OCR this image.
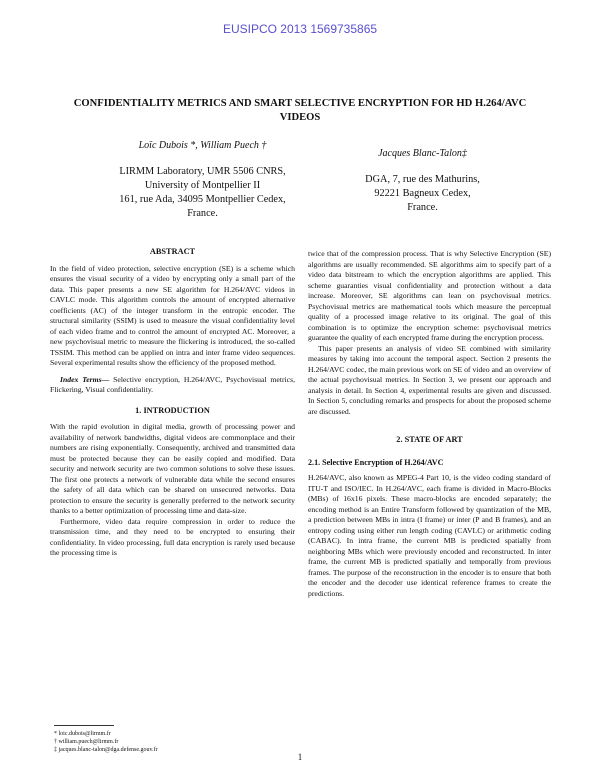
EUSIPCO 2013 1569735865
CONFIDENTIALITY METRICS AND SMART SELECTIVE ENCRYPTION FOR HD H.264/AVC VIDEOS
Loïc Dubois *, William Puech †
LIRMM Laboratory, UMR 5506 CNRS,
University of Montpellier II
161, rue Ada, 34095 Montpellier Cedex,
France.
Jacques Blanc-Talon‡
DGA, 7, rue des Mathurins,
92221 Bagneux Cedex,
France.
ABSTRACT

In the field of video protection, selective encryption (SE) is a scheme which ensures the visual security of a video by encrypting only a small part of the data. This paper presents a new SE algorithm for H.264/AVC videos in CAVLC mode. This algorithm controls the amount of encrypted alternative coefficients (AC) of the integer transform in the entropic encoder. The structural similarity (SSIM) is used to measure the visual confidentiality level of each video frame and to control the amount of encrypted AC. Moreover, a new psychovisual metric to measure the flickering is introduced, the so-called TSSIM. This method can be applied on intra and inter frame video sequences. Several experimental results show the efficiency of the proposed method.

Index Terms— Selective encryption, H.264/AVC, Psychovisual metrics, Flickering, Visual confidentiality.

1. INTRODUCTION

With the rapid evolution in digital media, growth of processing power and availability of network bandwidths, digital videos are commonplace and their numbers are rising exponentially. Consequently, archived and transmitted data must be protected because they can be easily copied and modified. Data security and network security are two common solutions to solve these issues. The first one protects a network of vulnerable data while the second ensures the safety of all data which can be shared on unsecured networks. Data protection to ensure the security is generally preferred to the network security thanks to a better optimization of processing time and data-size.

Furthermore, video data require compression in order to reduce the transmission time, and they need to be encrypted to ensuring their confidentiality. In video processing, full data encryption is rarely used because the processing time is

twice that of the compression process. That is why Selective Encryption (SE) algorithms are usually recommended. SE algorithms aim to specify part of a video data bitstream to which the encryption algorithms are applied. This scheme guaranties visual confidentiality and protection without a data increase. Moreover, SE algorithms can lean on psychovisual metrics. Psychovisual metrics are mathematical tools which measure the perceptual quality of a processed image relative to its original. The goal of this combination is to optimize the encryption scheme: psychovisual metrics guarantee the quality of each encrypted frame during the encryption process.

This paper presents an analysis of video SE combined with similarity measures by taking into account the temporal aspect. Section 2 presents the H.264/AVC codec, the main previous work on SE of video and an overview of the actual psychovisual metrics. In Section 3, we present our approach and analysis in detail. In Section 4, experimental results are given and discussed. In Section 5, concluding remarks and prospects for about the proposed scheme are discussed.

2. STATE OF ART
2.1. Selective Encryption of H.264/AVC

H.264/AVC, also known as MPEG-4 Part 10, is the video coding standard of ITU-T and ISO/IEC. In H.264/AVC, each frame is divided in Macro-Blocks (MBs) of 16x16 pixels. These macro-blocks are encoded separately; the encoding method is an Entire Transform followed by quantization of the MB, a prediction between MBs in intra (I frame) or inter (P and B frames), and an entropy coding using either run length coding (CAVLC) or arithmetic coding (CABAC). In intra frame, the current MB is predicted spatially from neighboring MBs which were previously encoded and reconstructed. In inter frame, the current MB is predicted spatially and temporally from previous frames. The purpose of the reconstruction in the encoder is to ensure that both the encoder and the decoder use identical reference frames to create the predictions.

* loic.dubois@lirmm.fr
† william.puech@lirmm.fr
‡ jacques.blanc-talon@dga.defense.gouv.fr
1
